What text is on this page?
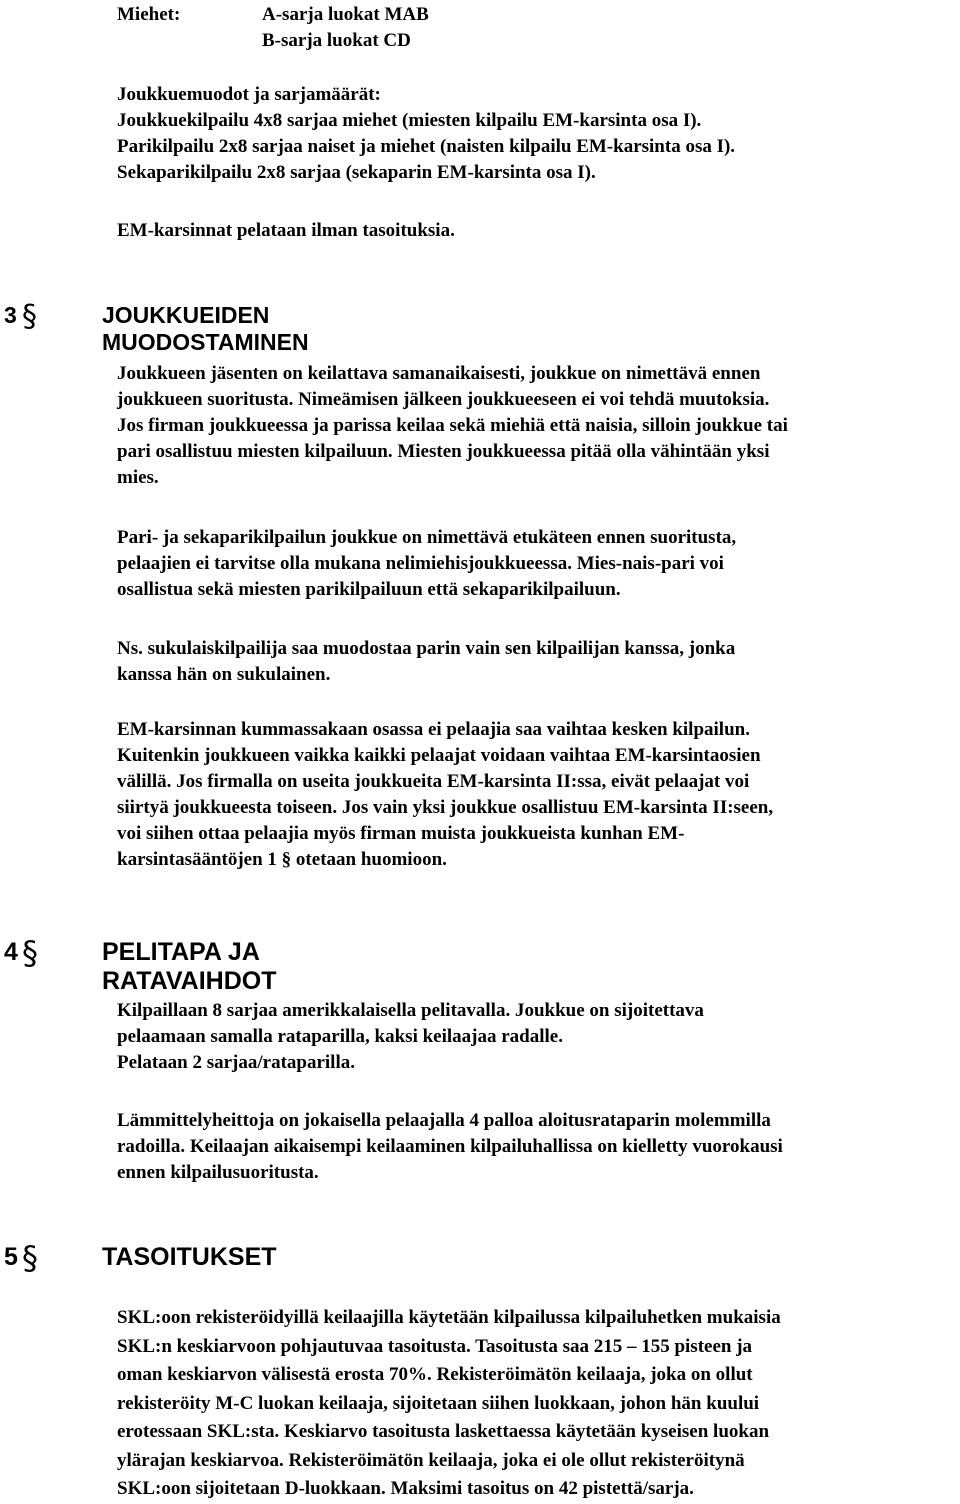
Miehet:	A-sarja luokat MAB
B-sarja luokat CD
Joukkuemuodot ja sarjamäärät:
Joukkuekilpailu 4x8 sarjaa miehet (miesten kilpailu EM-karsinta osa I).
Parikilpailu 2x8 sarjaa naiset ja miehet (naisten kilpailu EM-karsinta osa I).
Sekaparikilpailu 2x8 sarjaa (sekaparin EM-karsinta osa I).
EM-karsinnat pelataan ilman tasoituksia.
3 §	JOUKKUEIDEN MUODOSTAMINEN
Joukkueen jäsenten on keilattava samanaikaisesti, joukkue on nimettävä ennen
joukkueen suoritusta. Nimeämisen jälkeen joukkueeseen ei voi tehdä muutoksia.
Jos firman joukkueessa ja parissa keilaa sekä miehiä että naisia, silloin joukkue tai
pari osallistuu miesten kilpailuun. Miesten joukkueessa pitää olla vähintään yksi
mies.
Pari- ja sekaparikilpailun joukkue on nimettävä etukäteen ennen suoritusta,
pelaajien ei tarvitse olla mukana nelimiehisjoukkueessa. Mies-nais-pari voi
osallistua sekä miesten parikilpailuun että sekaparikilpailuun.
Ns. sukulaiskilpailija saa muodostaa parin vain sen kilpailijan kanssa, jonka
kanssa hän on sukulainen.
EM-karsinnan kummassakaan osassa ei pelaajia saa vaihtaa kesken kilpailun.
Kuitenkin joukkueen vaikka kaikki pelaajat voidaan vaihtaa EM-karsintaosien
välillä. Jos firmalla on useita joukkueita EM-karsinta II:ssa, eivät pelaajat voi
siirtyä joukkueesta toiseen. Jos vain yksi joukkue osallistuu EM-karsinta II:seen,
voi siihen ottaa pelaajia myös firman muista joukkueista kunhan EM-
karsintasääntöjen 1 § otetaan huomioon.
4 §	PELITAPA JA RATAVAIHDOT
Kilpaillaan 8 sarjaa amerikkalaisella pelitavalla. Joukkue on sijoitettava
pelaamaan samalla rataparilla, kaksi keilaajaa radalle.
Pelataan 2 sarjaa/rataparilla.
Lämmittelyheittoja on jokaisella pelaajalla 4 palloa aloitusrataparin molemmilla
radoilla. Keilaajan aikaisempi keilaaminen kilpailuhallissa on kielletty vuorokausi
ennen kilpailusuoritusta.
5 §	TASOITUKSET
SKL:oon rekisteröidyillä keilaajilla käytetään kilpailussa kilpailuhetken mukaisia
SKL:n keskiarvoon pohjautuvaa tasoitusta. Tasoitusta saa 215 – 155 pisteen ja
oman keskiarvon välisestä erosta 70%. Rekisteröimätön keilaaja, joka on ollut
rekisteröity M-C luokan keilaaja, sijoitetaan siihen luokkaan, johon hän kuului
erotessaan SKL:sta. Keskiarvo tasoitusta laskettaessa käytetään kyseisen luokan
ylärajan keskiarvoa. Rekisteröimätön keilaaja, joka ei ole ollut rekisteröitynä
SKL:oon sijoitetaan D-luokkaan. Maksimi tasoitus on 42 pistettä/sarja.
